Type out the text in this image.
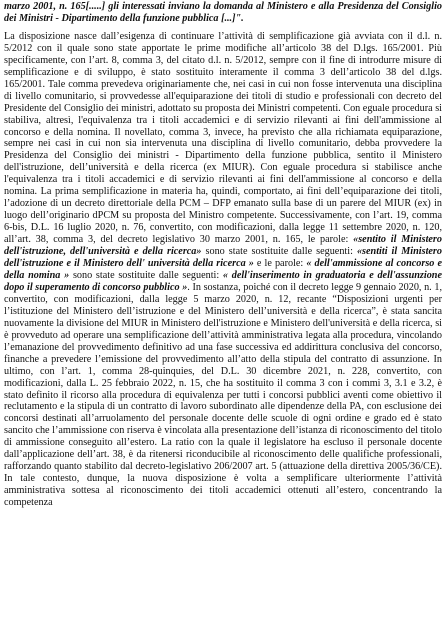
marzo 2001, n. 165[.....] gli interessati inviano la domanda al Ministero e alla Presidenza del Consiglio dei Ministri - Dipartimento della funzione pubblica [...]".

La disposizione nasce dall’esigenza di continuare l’attività di semplificazione già avviata con il d.l. n. 5/2012 con il quale sono state apportate le prime modifiche all’articolo 38 del D.lgs. 165/2001. Più specificamente, con l’art. 8, comma 3, del citato d.l. n. 5/2012, sempre con il fine di introdurre misure di semplificazione e di sviluppo, è stato sostituito interamente il comma 3 dell’articolo 38 del d.lgs. 165/2001. Tale comma prevedeva originariamente che, nei casi in cui non fosse intervenuta una disciplina di livello comunitario, si provvedesse all'equiparazione dei titoli di studio e professionali con decreto del Presidente del Consiglio dei ministri, adottato su proposta dei Ministri competenti. Con eguale procedura si stabiliva, altresì, l'equivalenza tra i titoli accademici e di servizio rilevanti ai fini dell'ammissione al concorso e della nomina. Il novellato, comma 3, invece, ha previsto che alla richiamata equiparazione, sempre nei casi in cui non sia intervenuta una disciplina di livello comunitario, debba provvedere la Presidenza del Consiglio dei ministri - Dipartimento della funzione pubblica, sentito il Ministero dell'istruzione, dell’università e della ricerca (ex MIUR). Con eguale procedura si stabilisce anche l'equivalenza tra i titoli accademici e di servizio rilevanti ai fini dell'ammissione al concorso e della nomina. La prima semplificazione in materia ha, quindi, comportato, ai fini dell’equiparazione dei titoli, l’adozione di un decreto direttoriale della PCM – DFP emanato sulla base di un parere del MIUR (ex) in luogo dell’originario dPCM su proposta del Ministro competente. Successivamente, con l’art. 19, comma 6-bis, D.L. 16 luglio 2020, n. 76, convertito, con modificazioni, dalla legge 11 settembre 2020, n. 120, all’art. 38, comma 3, del decreto legislativo 30 marzo 2001, n. 165, le parole: «sentito il Ministero dell'istruzione, dell'università e della ricerca» sono state sostituite dalle seguenti: «sentiti il Ministero dell'istruzione e il Ministero dell' università della ricerca » e le parole: « dell'ammissione al concorso e della nomina » sono state sostituite dalle seguenti: « dell'inserimento in graduatoria e dell'assunzione dopo il superamento di concorso pubblico ». In sostanza, poiché con il decreto legge 9 gennaio 2020, n. 1, convertito, con modificazioni, dalla legge 5 marzo 2020, n. 12, recante “Disposizioni urgenti per l’istituzione del Ministero dell’istruzione e del Ministero dell’università e della ricerca”, è stata sancita nuovamente la divisione del MIUR in Ministero dell'istruzione e Ministero dell'università e della ricerca, si è provveduto ad operare una semplificazione dell’attività amministrativa legata alla procedura, vincolando l’emanazione del provvedimento definitivo ad una fase successiva ed addirittura conclusiva del concorso, finanche a prevedere l’emissione del provvedimento all’atto della stipula del contratto di assunzione. In ultimo, con l’art. 1, comma 28-quinquies, del D.L. 30 dicembre 2021, n. 228, convertito, con modificazioni, dalla L. 25 febbraio 2022, n. 15, che ha sostituito il comma 3 con i commi 3, 3.1 e 3.2, è stato definito il ricorso alla procedura di equivalenza per tutti i concorsi pubblici aventi come obiettivo il reclutamento e la stipula di un contratto di lavoro subordinato alle dipendenze della PA, con esclusione dei concorsi destinati all’arruolamento del personale docente delle scuole di ogni ordine e grado ed è stato sancito che l’ammissione con riserva è vincolata alla presentazione dell’istanza di riconoscimento del titolo di ammissione conseguito all’estero. La ratio con la quale il legislatore ha escluso il personale docente dall’applicazione dell’art. 38, è da ritenersi riconducibile al riconoscimento delle qualifiche professionali, rafforzando quanto stabilito dal decreto-legislativo 206/2007 art. 5 (attuazione della direttiva 2005/36/CE). In tale contesto, dunque, la nuova disposizione è volta a semplificare ulteriormente l’attività amministrativa sottesa al riconoscimento dei titoli accademici ottenuti all’estero, concentrando la competenza
